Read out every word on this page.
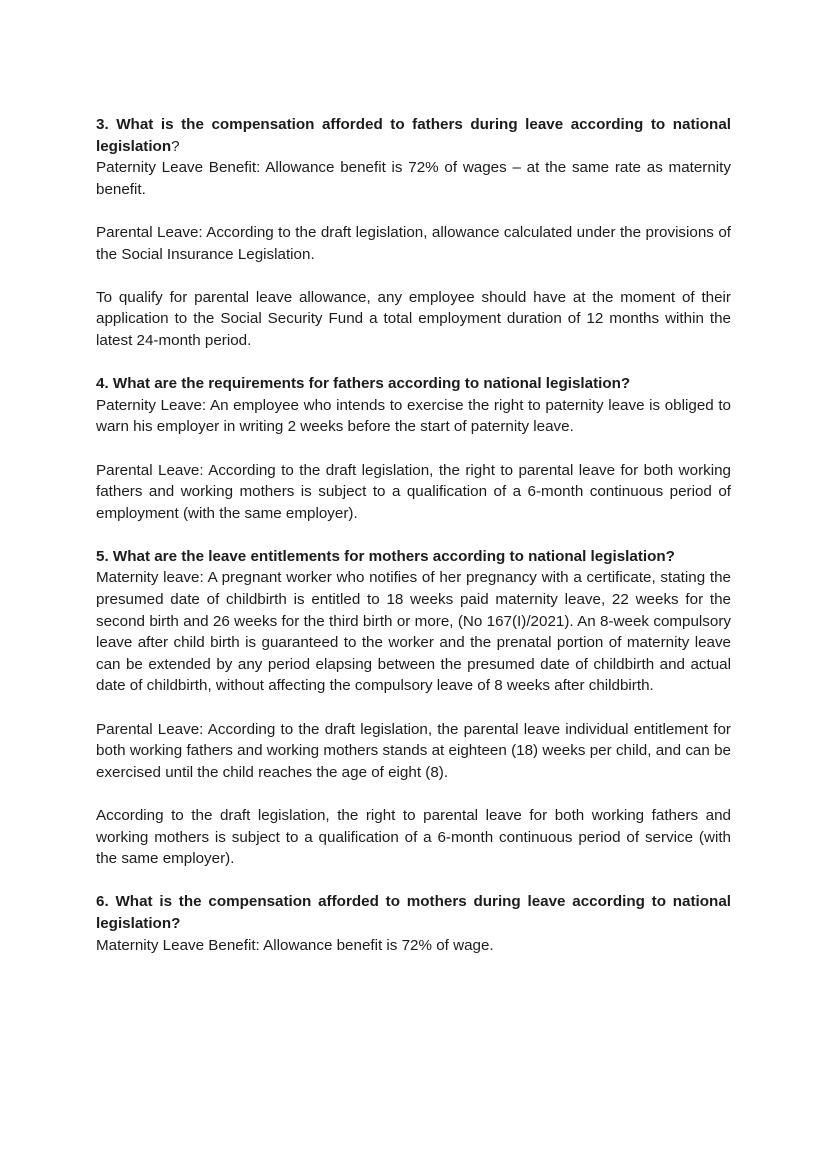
3. What is the compensation afforded to fathers during leave according to national legislation?

Paternity Leave Benefit: Allowance benefit is 72% of wages – at the same rate as maternity benefit.

Parental Leave: According to the draft legislation, allowance calculated under the provisions of the Social Insurance Legislation.

To qualify for parental leave allowance, any employee should have at the moment of their application to the Social Security Fund a total employment duration of 12 months within the latest 24-month period.

4. What are the requirements for fathers according to national legislation?

Paternity Leave: An employee who intends to exercise the right to paternity leave is obliged to warn his employer in writing 2 weeks before the start of paternity leave.

Parental Leave: According to the draft legislation, the right to parental leave for both working fathers and working mothers is subject to a qualification of a 6-month continuous period of employment (with the same employer).

5. What are the leave entitlements for mothers according to national legislation?

Maternity leave: A pregnant worker who notifies of her pregnancy with a certificate, stating the presumed date of childbirth is entitled to 18 weeks paid maternity leave, 22 weeks for the second birth and 26 weeks for the third birth or more, (No 167(I)/2021). An 8-week compulsory leave after child birth is guaranteed to the worker and the prenatal portion of maternity leave can be extended by any period elapsing between the presumed date of childbirth and actual date of childbirth, without affecting the compulsory leave of 8 weeks after childbirth.

Parental Leave: According to the draft legislation, the parental leave individual entitlement for both working fathers and working mothers stands at eighteen (18) weeks per child, and can be exercised until the child reaches the age of eight (8).

According to the draft legislation, the right to parental leave for both working fathers and working mothers is subject to a qualification of a 6-month continuous period of service (with the same employer).

6. What is the compensation afforded to mothers during leave according to national legislation?

Maternity Leave Benefit: Allowance benefit is 72% of wage.
